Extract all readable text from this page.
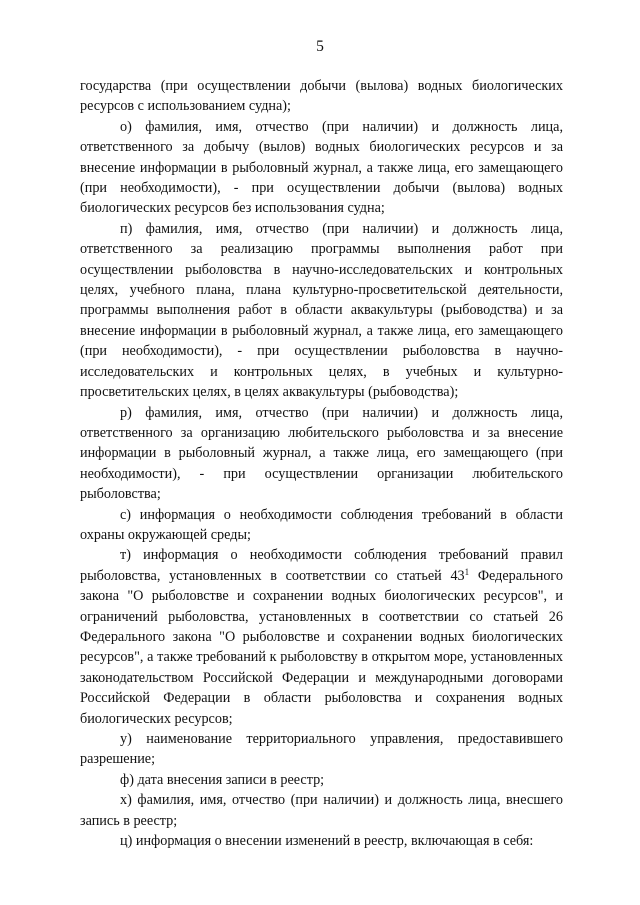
5

государства (при осуществлении добычи (вылова) водных биологических ресурсов с использованием судна);

о) фамилия, имя, отчество (при наличии) и должность лица, ответственного за добычу (вылов) водных биологических ресурсов и за внесение информации в рыболовный журнал, а также лица, его замещающего (при необходимости), - при осуществлении добычи (вылова) водных биологических ресурсов без использования судна;

п) фамилия, имя, отчество (при наличии) и должность лица, ответственного за реализацию программы выполнения работ при осуществлении рыболовства в научно-исследовательских и контрольных целях, учебного плана, плана культурно-просветительской деятельности, программы выполнения работ в области аквакультуры (рыбоводства) и за внесение информации в рыболовный журнал, а также лица, его замещающего (при необходимости), - при осуществлении рыболовства в научно-исследовательских и контрольных целях, в учебных и культурно-просветительских целях, в целях аквакультуры (рыбоводства);

р) фамилия, имя, отчество (при наличии) и должность лица, ответственного за организацию любительского рыболовства и за внесение информации в рыболовный журнал, а также лица, его замещающего (при необходимости), - при осуществлении организации любительского рыболовства;

с) информация о необходимости соблюдения требований в области охраны окружающей среды;

т) информация о необходимости соблюдения требований правил рыболовства, установленных в соответствии со статьей $43^1$ Федерального закона "О рыболовстве и сохранении водных биологических ресурсов", и ограничений рыболовства, установленных в соответствии со статьей 26 Федерального закона "О рыболовстве и сохранении водных биологических ресурсов", а также требований к рыболовству в открытом море, установленных законодательством Российской Федерации и международными договорами Российской Федерации в области рыболовства и сохранения водных биологических ресурсов;

у) наименование территориального управления, предоставившего разрешение;

ф) дата внесения записи в реестр;

х) фамилия, имя, отчество (при наличии) и должность лица, внесшего запись в реестр;

ц) информация о внесении изменений в реестр, включающая в себя:
